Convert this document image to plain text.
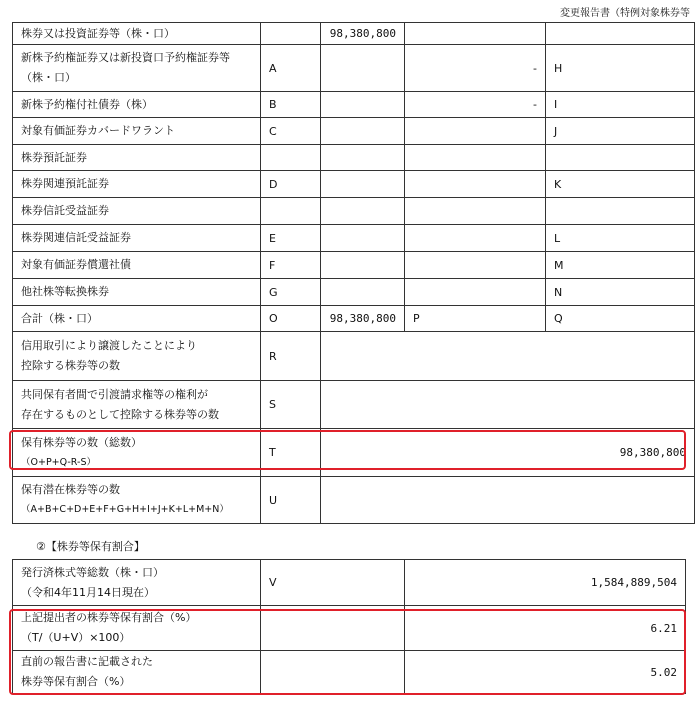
変更報告書（特例対象株券等
株券又は投資証券等（株・口）		98,380,800		

新株予約権証券又は新投資口予約権証券等
（株・口）	A		-	H
新株予約権付社債券（株）	B		-	I
対象有価証券カバードワラント	C			J
株券預託証券				
株券関連預託証券	D			K
株券信託受益証券				
株券関連信託受益証券	E			L
対象有価証券償還社債	F			M
他社株等転換株券	G			N
合計（株・口）	O	98,380,800	P	Q

信用取引により譲渡したことにより
控除する株券等の数	R			

共同保有者間で引渡請求権等の権利が
存在するものとして控除する株券等の数	S			

保有株券等の数（総数）
（O+P+Q-R-S）	T	98,380,800		

保有潜在株券等の数
（A+B+C+D+E+F+G+H+I+J+K+L+M+N）	U			
②【株券等保有割合】
発行済株式等総数（株・口）
（令和4年11月14日現在）	V	1,584,889,504

上記提出者の株券等保有割合（%）
（T/（U+V）×100）		6.21

直前の報告書に記載された
株券等保有割合（%）		5.02
